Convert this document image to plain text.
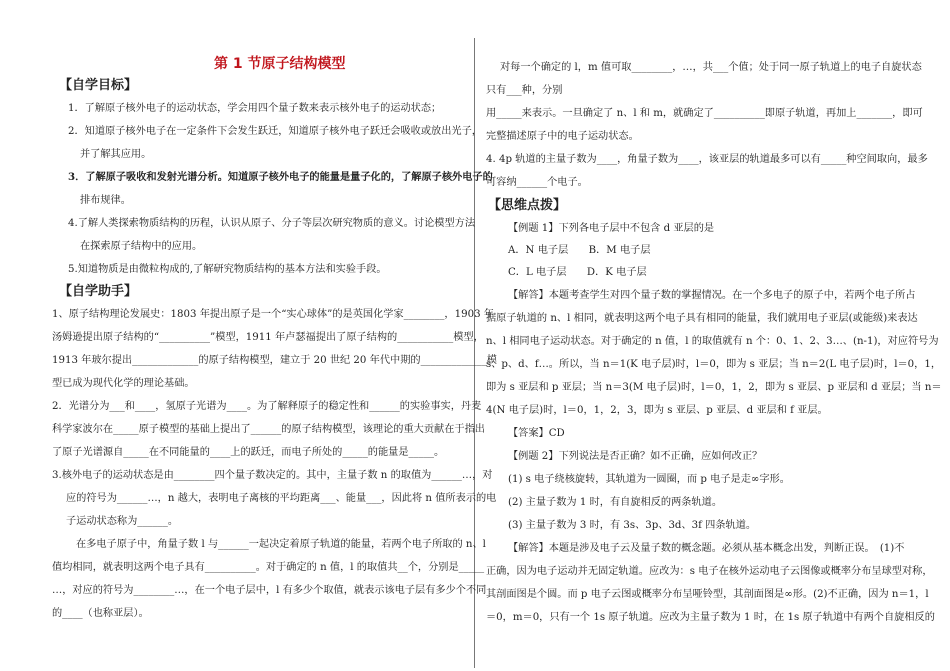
第 1 节原子结构模型
【自学目标】
1．了解原子核外电子的运动状态，学会用四个量子数来表示核外电子的运动状态；
2．知道原子核外电子在一定条件下会发生跃迁，知道原子核外电子跃迁会吸收或放出光子，
并了解其应用。
3．了解原子吸收和发射光谱分析。知道原子核外电子的能量是量子化的，了解原子核外电子的
排布规律。
4.了解人类探索物质结构的历程，认识从原子、分子等层次研究物质的意义。讨论模型方法
在探索原子结构中的应用。
5.知道物质是由微粒构成的,了解研究物质结构的基本方法和实验手段。
【自学助手】
1、原子结构理论发展史：1803 年提出原子是一个“实心球体”的是英国化学家________，1903 年
汤姆逊提出原子结构的“__________”模型，1911 年卢瑟福提出了原子结构的___________模型，
1913 年玻尔提出_____________的原子结构模型，建立于 20 世纪 20 年代中期的_____________模
型已成为现代化学的理论基础。
2．光谱分为___和____，氢原子光谱为____。为了解释原子的稳定性和______的实验事实，丹麦
科学家波尔在_____原子模型的基础上提出了______的原子结构模型，该理论的重大贡献在于指出
了原子光谱源自_____在不同能量的____上的跃迁，而电子所处的_____的能量是_____。
3.核外电子的运动状态是由________四个量子数决定的。其中，主量子数 n 的取值为______…，对
应的符号为______…，n 越大，表明电子离核的平均距离___、能量___，因此将 n 值所表示的电
子运动状态称为______。
在多电子原子中，角量子数 l 与______一起决定着原子轨道的能量，若两个电子所取的 n、l
值均相同，就表明这两个电子具有__________。对于确定的 n 值，l 的取值共__个，分别是_____
…，对应的符号为________…，在一个电子层中，l 有多少个取值，就表示该电子层有多少个不同
的____（也称亚层）。
对每一个确定的 l，m 值可取________，…，共___个值；处于同一原子轨道上的电子自旋状态
只有___种，分别
用_____来表示。一旦确定了 n、l 和 m，就确定了__________即原子轨道，再加上_______，即可
完整描述原子中的电子运动状态。
4. 4p 轨道的主量子数为____，角量子数为____，该亚层的轨道最多可以有_____种空间取向，最多
可容纳______个电子。
【思维点拨】
【例题 1】下列各电子层中不包含 d 亚层的是
A．N 电子层　　B．M 电子层
C．L 电子层　　D．K 电子层
【解答】本题考查学生对四个量子数的掌握情况。在一个多电子的原子中，若两个电子所占
据原子轨道的 n、l 相同，就表明这两个电子具有相同的能量，我们就用电子亚层(或能级)来表达
n、l 相同电子运动状态。对于确定的 n 值，l 的取值就有 n 个：0、1、2、3…、(n-1)，对应符号为
s、p、d、f…。所以，当 n＝1(K 电子层)时，l＝0，即为 s 亚层；当 n＝2(L 电子层)时，l＝0，1，
即为 s 亚层和 p 亚层；当 n＝3(M 电子层)时，l＝0，1，2，即为 s 亚层、p 亚层和 d 亚层；当 n＝
4(N 电子层)时，l＝0，1，2，3，即为 s 亚层、p 亚层、d 亚层和 f 亚层。
【答案】CD
【例题 2】下列说法是否正确？如不正确，应如何改正？
(1) s 电子绕核旋转，其轨道为一圆圈，而 p 电子是走∞字形。
(2) 主量子数为 1 时，有自旋相反的两条轨道。
(3) 主量子数为 3 时，有 3s、3p、3d、3f 四条轨道。
【解答】本题是涉及电子云及量子数的概念题。必须从基本概念出发，判断正误。　(1)不
正确，因为电子运动并无固定轨道。应改为：s 电子在核外运动电子云图像或概率分布呈球型对称，
其剖面图是个圆。而 p 电子云图或概率分布呈哑铃型，其剖面图是∞形。(2)不正确，因为 n＝1，l
＝0，m＝0，只有一个 1s 原子轨道。应改为主量子数为 1 时，在 1s 原子轨道中有两个自旋相反的
